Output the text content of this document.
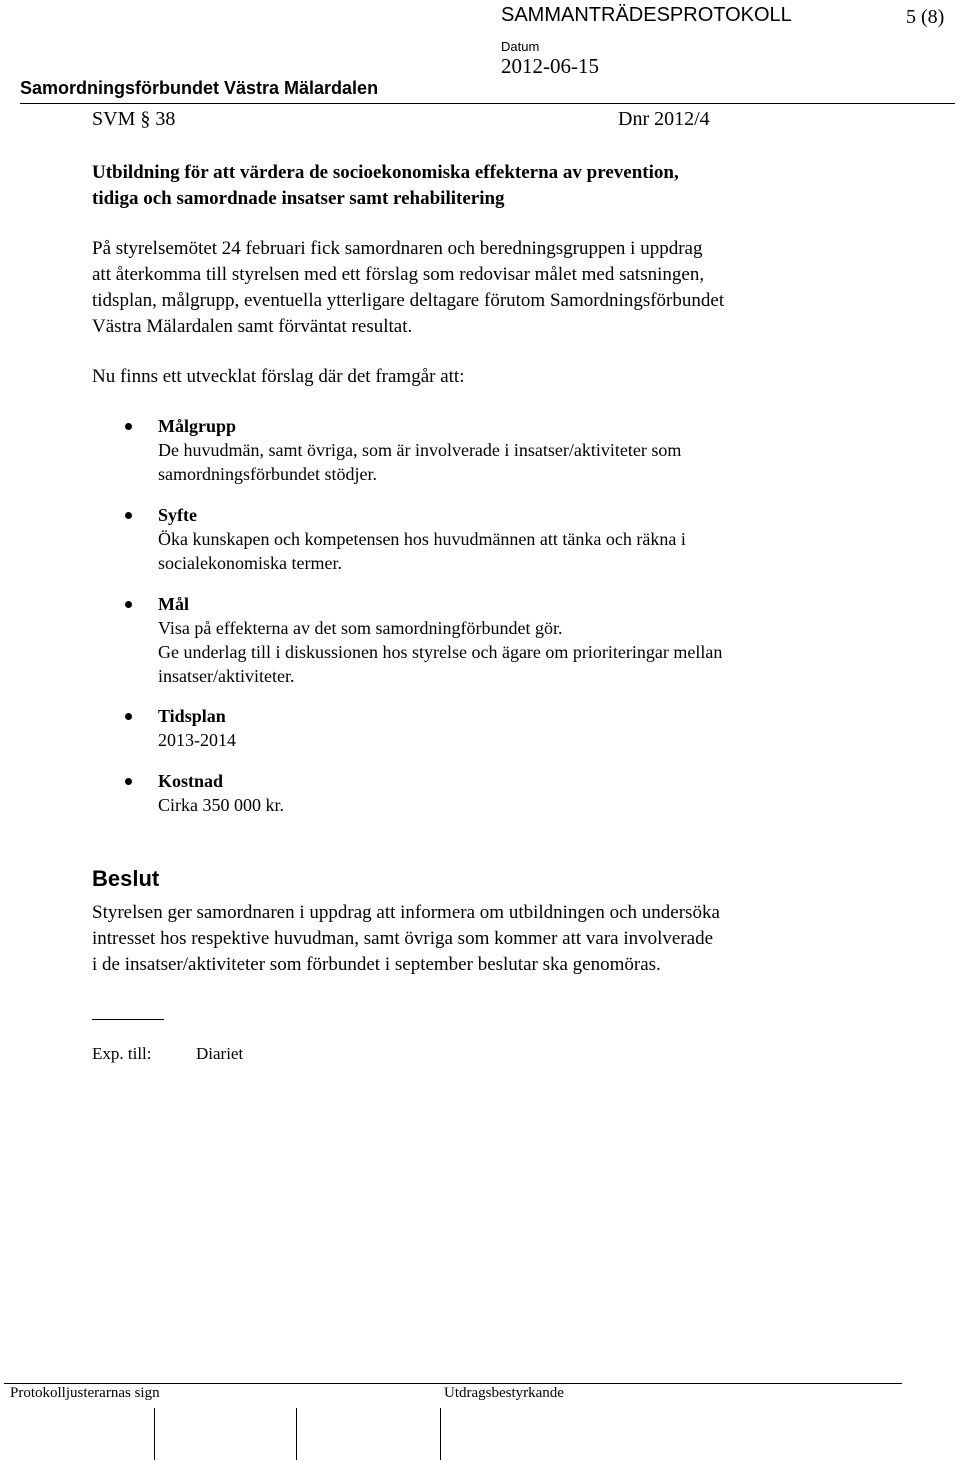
SAMMANTRÄDESPROTOKOLL	5 (8)
Datum
2012-06-15
Samordningsförbundet Västra Mälardalen
SVM § 38	Dnr 2012/4
Utbildning för att värdera de socioekonomiska effekterna av prevention,
tidiga och samordnade insatser samt rehabilitering
På styrelsemötet 24 februari fick samordnaren och beredningsgruppen i uppdrag
att återkomma till styrelsen med ett förslag som redovisar målet med satsningen,
tidsplan, målgrupp, eventuella ytterligare deltagare förutom Samordningsförbundet
Västra Mälardalen samt förväntat resultat.
Nu finns ett utvecklat förslag där det framgår att:
Målgrupp
De huvudmän, samt övriga, som är involverade i insatser/aktiviteter som
samordningsförbundet stödjer.
Syfte
Öka kunskapen och kompetensen hos huvudmännen att tänka och räkna i
socialekonomiska termer.
Mål
Visa på effekterna av det som samordningförbundet gör.
Ge underlag till i diskussionen hos styrelse och ägare om prioriteringar mellan
insatser/aktiviteter.
Tidsplan
2013-2014
Kostnad
Cirka 350 000 kr.
Beslut
Styrelsen ger samordnaren i uppdrag att informera om utbildningen och undersöka
intresset hos respektive huvudman, samt övriga som kommer att vara involverade
i de insatser/aktiviteter som förbundet i september beslutar ska genomöras.
Exp. till:	Diariet
Protokolljusterarnas sign	Utdragsbestyrkande
